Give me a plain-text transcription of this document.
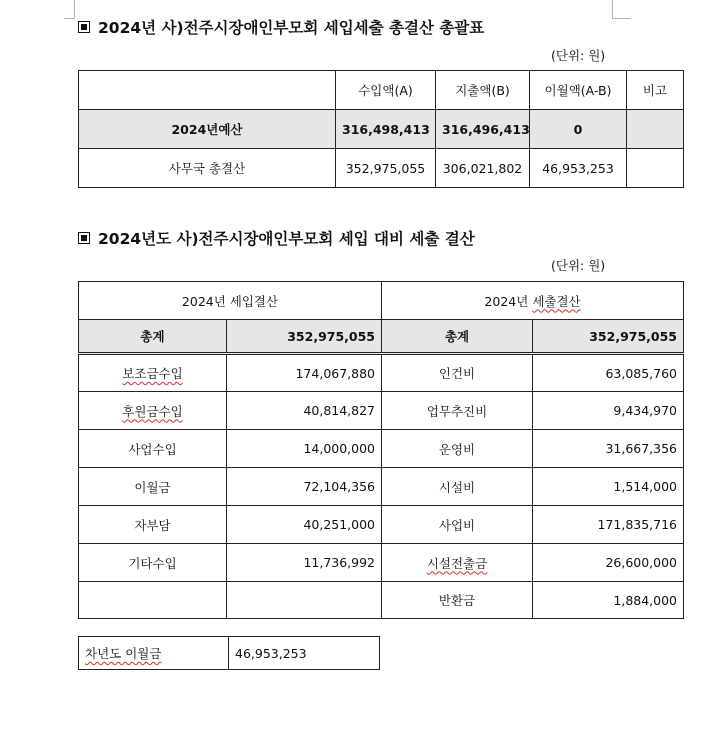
2024년 사)전주시장애인부모회 세입세출 총결산 총괄표
(단위: 원)
	수입액(A)	지출액(B)	이월액(A-B)	비고
2024년예산	316,498,413	316,496,413	0	
사무국 총결산	352,975,055	306,021,802	46,953,253	
2024년도 사)전주시장애인부모회 세입 대비 세출 결산
(단위: 원)
2024년 세입결산		2024년 세출결산	
총계	352,975,055	총계	352,975,055
보조금수입	174,067,880	인건비	63,085,760
후원금수입	40,814,827	업무추진비	9,434,970
사업수입	14,000,000	운영비	31,667,356
이월금	72,104,356	시설비	1,514,000
자부담	40,251,000	사업비	171,835,716
기타수입	11,736,992	시설전출금	26,600,000
		반환금	1,884,000
차년도 이월금	46,953,253
